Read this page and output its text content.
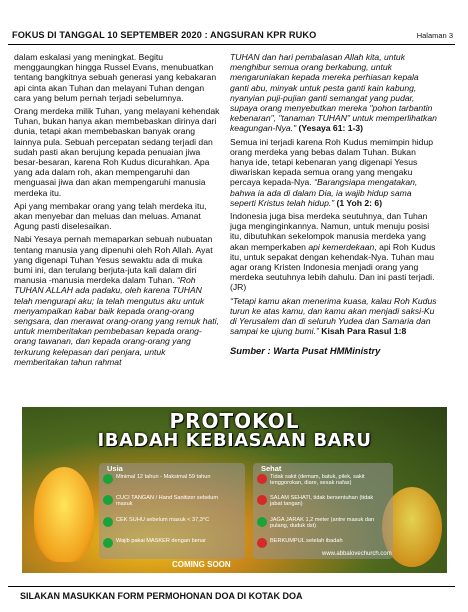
FOKUS DI TANGGAL 10 SEPTEMBER 2020 : ANGSURAN KPR RUKO	Halaman 3

dalam eskalasi yang meningkat. Begitu menggaungkan hingga Russel Evans, menubuatkan tentang bangkitnya sebuah generasi yang kebakaran api cinta akan Tuhan dan melayani Tuhan dengan cara yang belum pernah terjadi sebelumnya.

Orang merdeka milik Tuhan, yang melayani kehendak Tuhan, bukan hanya akan membebaskan dirinya dari dunia, tetapi akan membebaskan banyak orang lainnya pula. Sebuah percepatan sedang terjadi dan sudah pasti akan berujung kepada penuaian jiwa besar-besaran, karena Roh Kudus dicurahkan. Apa yang ada dalam roh, akan mempengaruhi dan menguasai jiwa dan akan mempengaruhi manusia merdeka itu.

Api yang membakar orang yang telah merdeka itu, akan menyebar dan meluas dan meluas. Amanat Agung pasti diselesaikan.

Nabi Yesaya pernah memaparkan sebuah nubuatan tentang manusia yang dipenuhi oleh Roh Allah. Ayat yang digenapi Tuhan Yesus sewaktu ada di muka bumi ini, dan terulang berjuta-juta kali dalam diri manusia -manusia merdeka dalam Tuhan. “Roh TUHAN ALLAH ada padaku, oleh karena TUHAN telah mengurapi aku; la telah mengutus aku untuk menyampaikan kabar baik kepada orang-orang sengsara, dan merawat orang-orang yang remuk hati, untuk memberitakan pembebasan kepada orang-orang tawanan, dan kepada orang-orang yang terkurung kelepasan dari penjara, untuk memberitakan tahun rahmat

TUHAN dan hari pembalasan Allah kita, untuk menghibur semua orang berkabung, untuk mengaruniakan kepada mereka perhiasan kepala ganti abu, minyak untuk pesta ganti kain kabung, nyanyian puji-pujian ganti semangat yang pudar, supaya orang menyebutkan mereka "pohon tarbantin kebenaran", "tanaman TUHAN" untuk memperlihatkan keagungan-Nya." (Yesaya 61: 1-3)

Semua ini terjadi karena Roh Kudus memimpin hidup orang merdeka yang bebas dalam Tuhan. Bukan hanya ide, tetapi kebenaran yang digenapi Yesus diwariskan kepada semua orang yang mengaku percaya kepada-Nya. “Barangsiapa mengatakan, bahwa ia ada di dalam Dia, ia wajib hidup sama seperti Kristus telah hidup.” (1 Yoh 2: 6)

Indonesia juga bisa merdeka seutuhnya, dan Tuhan juga menginginkannya. Namun, untuk menuju posisi itu, dibutuhkan sekelompok manusia merdeka yang akan memperkaben api kemerdekaan, api Roh Kudus itu, untuk sepakat dengan kehendak-Nya. Tuhan mau agar orang Kristen Indonesia menjadi orang yang merdeka seutuhnya lebih dahulu. Dan ini pasti terjadi. (JR)

“Tetapi kamu akan menerima kuasa, kalau Roh Kudus turun ke atas kamu, dan kamu akan menjadi saksi-Ku di Yerusalem dan di seluruh Yudea dan Samaria dan sampai ke ujung bumi.” Kisah Para Rasul 1:8

Sumber : Warta Pusat HMMinistry

PROTOKOL
IBADAH KEBIASAAN BARU
Usia
Minimal 12 tahun - Maksimal 59 tahun
CUCI TANGAN / Hand Sanitizer sebelum masuk
CEK SUHU sebelum masuk < 37,3°C
Wajib pakai MASKER dengan benar
Sehat
Tidak sakit (demam, batuk, pilek, sakit tenggorokan, diare, sesak nafas)
SALAM SEHATI, tidak bersentuhan (tidak jabat tangan)
JAGA JARAK 1,2 meter (antre masuk dan pulang, duduk dst)
BERKUMPUL setelah ibadah
www.abbalovechurch.com
COMING SOON
SILAKAN MASUKKAN FORM PERMOHONAN DOA DI KOTAK DOA
